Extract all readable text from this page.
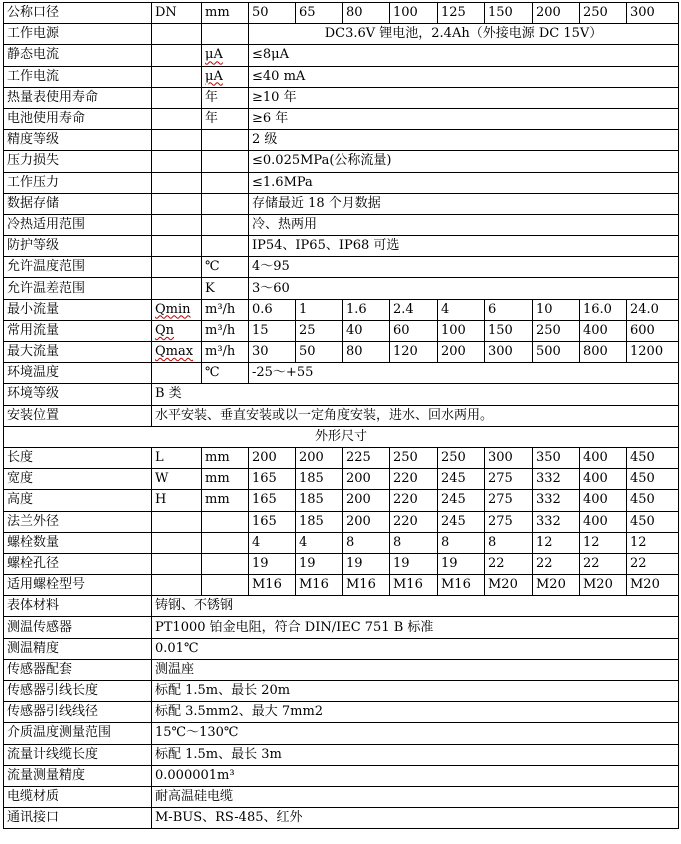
公称口径	DN	mm	50	65	80	100	125	150	200	250	300
工作电源			DC3.6V 锂电池，2.4Ah（外接电源 DC 15V）								
静态电流		μA	≤8μA								
工作电流		μA	≤40 mA								
热量表使用寿命		年	≥10 年								
电池使用寿命		年	≥6 年								
精度等级			2 级								
压力损失			≤0.025MPa(公称流量)								
工作压力			≤1.6MPa								
数据存储			存储最近 18 个月数据								
冷热适用范围			冷、热两用								
防护等级			IP54、IP65、IP68 可选								
允许温度范围		℃	4～95								
允许温差范围		K	3～60								
最小流量	Qmin	m³/h	0.6	1	1.6	2.4	4	6	10	16.0	24.0
常用流量	Qn	m³/h	15	25	40	60	100	150	250	400	600
最大流量	Qmax	m³/h	30	50	80	120	200	300	500	800	1200
环境温度		℃	-25～+55								
环境等级	B 类										
安装位置	水平安装、垂直安装或以一定角度安装，进水、回水两用。										
外形尺寸											
长度	L	mm	200	200	225	250	250	300	350	400	450
宽度	W	mm	165	185	200	220	245	275	332	400	450
高度	H	mm	165	185	200	220	245	275	332	400	450
法兰外径			165	185	200	220	245	275	332	400	450
螺栓数量			4	4	8	8	8	8	12	12	12
螺栓孔径			19	19	19	19	19	22	22	22	22
适用螺栓型号			M16	M16	M16	M16	M16	M20	M20	M20	M20
表体材料	铸钢、不锈钢										
测温传感器	PT1000 铂金电阻，符合 DIN/IEC 751 B 标准										
测温精度	0.01℃										
传感器配套	测温座										
传感器引线长度	标配 1.5m、最长 20m										
传感器引线线径	标配 3.5mm2、最大 7mm2										
介质温度测量范围	15℃～130℃										
流量计线缆长度	标配 1.5m、最长 3m										
流量测量精度	0.000001m³										
电缆材质	耐高温硅电缆										
通讯接口	M-BUS、RS-485、红外										
